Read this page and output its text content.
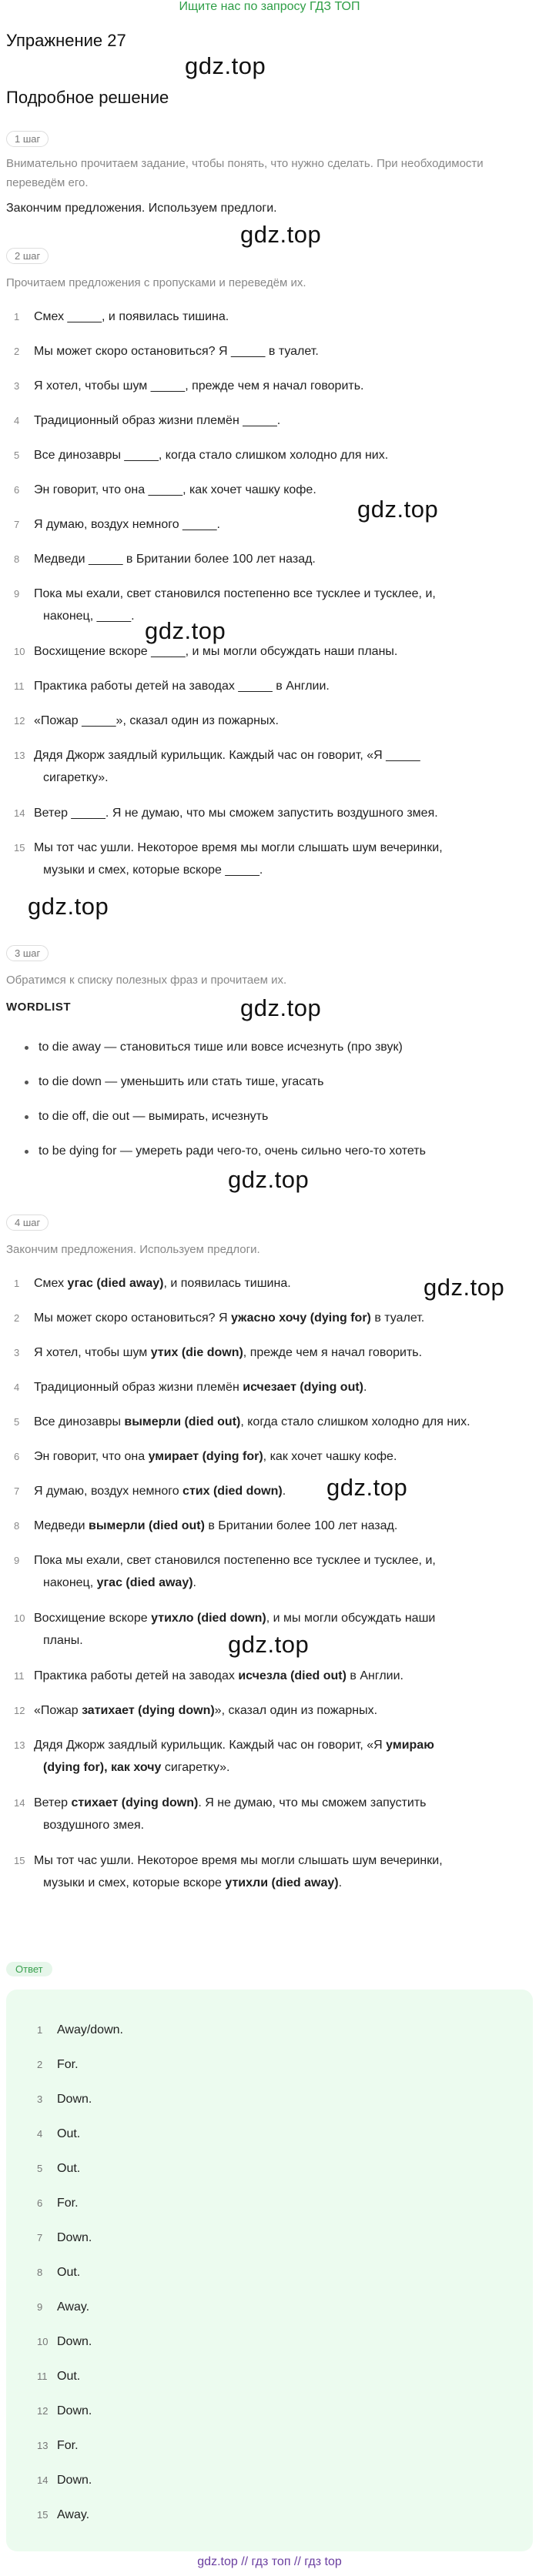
Ищите нас по запросу ГДЗ ТОП
Упражнение 27
Подробное решение
gdz.top
gdz.top
gdz.top
gdz.top
gdz.top
gdz.top
gdz.top
gdz.top
gdz.top
gdz.top
1 шаг
Внимательно прочитаем задание, чтобы понять, что нужно сделать. При необходимости переведём его.
Закончим предложения. Используем предлоги.
2 шаг
Прочитаем предложения с пропусками и переведём их.
1	Смех _____, и появилась тишина.
2	Мы может скоро остановиться? Я _____ в туалет.
3	Я хотел, чтобы шум _____, прежде чем я начал говорить.
4	Традиционный образ жизни племён _____.
5	Все динозавры _____, когда стало слишком холодно для них.
6	Эн говорит, что она _____, как хочет чашку кофе.
7	Я думаю, воздух немного _____.
8	Медведи _____ в Британии более 100 лет назад.
9	Пока мы ехали, свет становился постепенно все тусклее и тусклее, и,
наконец, _____.
10 Восхищение вскоре _____, и мы могли обсуждать наши планы.
11 Практика работы детей на заводах _____ в Англии.
12 «Пожар _____», сказал один из пожарных.
13 Дядя Джорж заядлый курильщик. Каждый час он говорит, «Я _____
сигаретку».
14 Ветер _____. Я не думаю, что мы сможем запустить воздушного змея.
15 Мы тот час ушли. Некоторое время мы могли слышать шум вечеринки,
музыки и смех, которые вскоре _____.
3 шаг
Обратимся к списку полезных фраз и прочитаем их.
WORDLIST
to die away — становиться тише или вовсе исчезнуть (про звук)
to die down — уменьшить или стать тише, угасать
to die off, die out — вымирать, исчезнуть
to be dying for — умереть ради чего-то, очень сильно чего-то хотеть
4 шаг
Закончим предложения. Используем предлоги.
1	Смех угас (died away), и появилась тишина.
2	Мы может скоро остановиться? Я ужасно хочу (dying for) в туалет.
3	Я хотел, чтобы шум утих (die down), прежде чем я начал говорить.
4	Традиционный образ жизни племён исчезает (dying out).
5	Все динозавры вымерли (died out), когда стало слишком холодно для них.
6	Эн говорит, что она умирает (dying for), как хочет чашку кофе.
7	Я думаю, воздух немного стих (died down).
8	Медведи вымерли (died out) в Британии более 100 лет назад.
9	Пока мы ехали, свет становился постепенно все тусклее и тусклее, и,
наконец, угас (died away).
10 Восхищение вскоре утихло (died down), и мы могли обсуждать наши
планы.
11 Практика работы детей на заводах исчезла (died out) в Англии.
12 «Пожар затихает (dying down)», сказал один из пожарных.
13 Дядя Джорж заядлый курильщик. Каждый час он говорит, «Я умираю
(dying for), как хочу сигаретку».
14 Ветер стихает (dying down). Я не думаю, что мы сможем запустить
воздушного змея.
15 Мы тот час ушли. Некоторое время мы могли слышать шум вечеринки,
музыки и смех, которые вскоре утихли (died away).
Ответ
1 Away/down.
2 For.
3 Down.
4 Out.
5 Out.
6 For.
7 Down.
8 Out.
9 Away.
10 Down.
11 Out.
12 Down.
13 For.
14 Down.
15 Away.
gdz.top // гдз топ // гдз top
